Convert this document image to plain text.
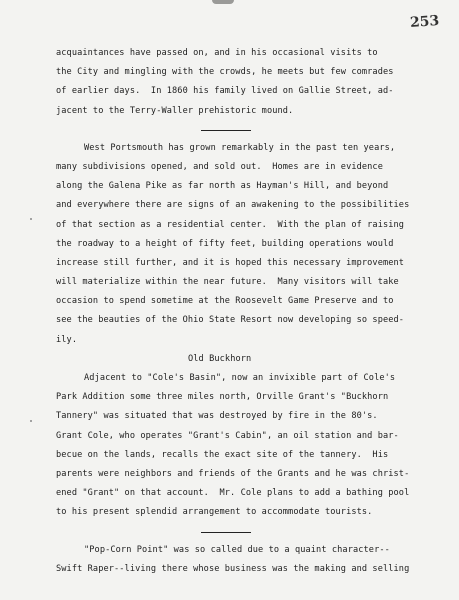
253
acquaintances have passed on, and in his occasional visits to
the City and mingling with the crowds, he meets but few comrades
of earlier days.  In 1860 his family lived on Gallie Street, ad-
jacent to the Terry-Waller prehistoric mound.
West Portsmouth has grown remarkably in the past ten years,
many subdivisions opened, and sold out.  Homes are in evidence
along the Galena Pike as far north as Hayman's Hill, and beyond
and everywhere there are signs of an awakening to the possibilities
of that section as a residential center.  With the plan of raising
the roadway to a height of fifty feet, building operations would
increase still further, and it is hoped this necessary improvement
will materialize within the near future.  Many visitors will take
occasion to spend sometime at the Roosevelt Game Preserve and to
see the beauties of the Ohio State Resort now developing so speed-
ily.
Old Buckhorn
Adjacent to "Cole's Basin", now an invixible part of Cole's
Park Addition some three miles north, Orville Grant's "Buckhorn
Tannery" was situated that was destroyed by fire in the 80's.
Grant Cole, who operates "Grant's Cabin", an oil station and bar-
becue on the lands, recalls the exact site of the tannery.  His
parents were neighbors and friends of the Grants and he was christ-
ened "Grant" on that account.  Mr. Cole plans to add a bathing pool
to his present splendid arrangement to accommodate tourists.
"Pop-Corn Point" was so called due to a quaint character--
Swift Raper--living there whose business was the making and selling
